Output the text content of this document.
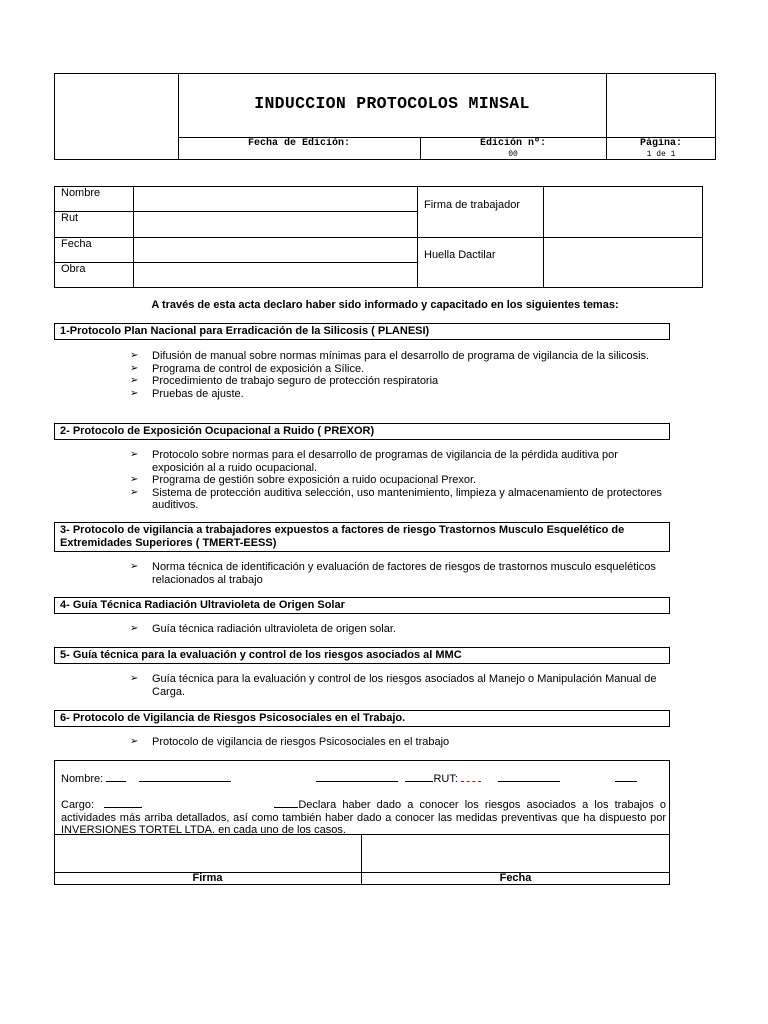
INDUCCION PROTOCOLOS MINSAL
Fecha de Edición:	Edición nº:
00
Página:
1 de 1
Nombre
Rut
Fecha
Obra
Firma de trabajador
Huella Dactilar
A través de esta acta declaro haber sido informado y capacitado en los siguientes temas:
1-Protocolo Plan Nacional para Erradicación de la Silicosis ( PLANESI)
➢ Difusión de manual sobre normas mínimas para el desarrollo de programa de vigilancia de la silicosis.
➢ Programa de control de exposición a Sílice.
➢ Procedimiento de trabajo seguro de protección respiratoria
➢ Pruebas de ajuste.
2- Protocolo de Exposición Ocupacional a Ruido ( PREXOR)
➢ Protocolo sobre normas para el desarrollo de programas de vigilancia de la pérdida auditiva por exposición al a ruido ocupacional.
➢ Programa de gestión sobre exposición a ruido ocupacional Prexor.
➢ Sistema de protección auditiva selección, uso mantenimiento, limpieza y almacenamiento de protectores auditivos.
3- Protocolo de vigilancia a trabajadores expuestos a factores de riesgo Trastornos Musculo Esquelético de Extremidades Superiores ( TMERT-EESS)
➢ Norma técnica de identificación y evaluación de factores de riesgos de trastornos musculo esqueléticos relacionados al trabajo
4- Guía Técnica Radiación Ultravioleta de Origen Solar
➢ Guía técnica radiación ultravioleta de origen solar.
5- Guía técnica para la evaluación y control de los riesgos asociados al MMC
➢ Guía técnica para la evaluación y control de los riesgos asociados al Manejo o Manipulación Manual de Carga.
6- Protocolo de Vigilancia de Riesgos Psicosociales en el Trabajo.
➢ Protocolo de vigilancia de riesgos Psicosociales en el trabajo
Nombre:	RUT:
Cargo:	Declara haber dado a conocer los riesgos asociados a los trabajos o actividades más arriba detallados, así como también haber dado a conocer las medidas preventivas que ha dispuesto por INVERSIONES TORTEL LTDA. en cada uno de los casos.
Firma	Fecha
